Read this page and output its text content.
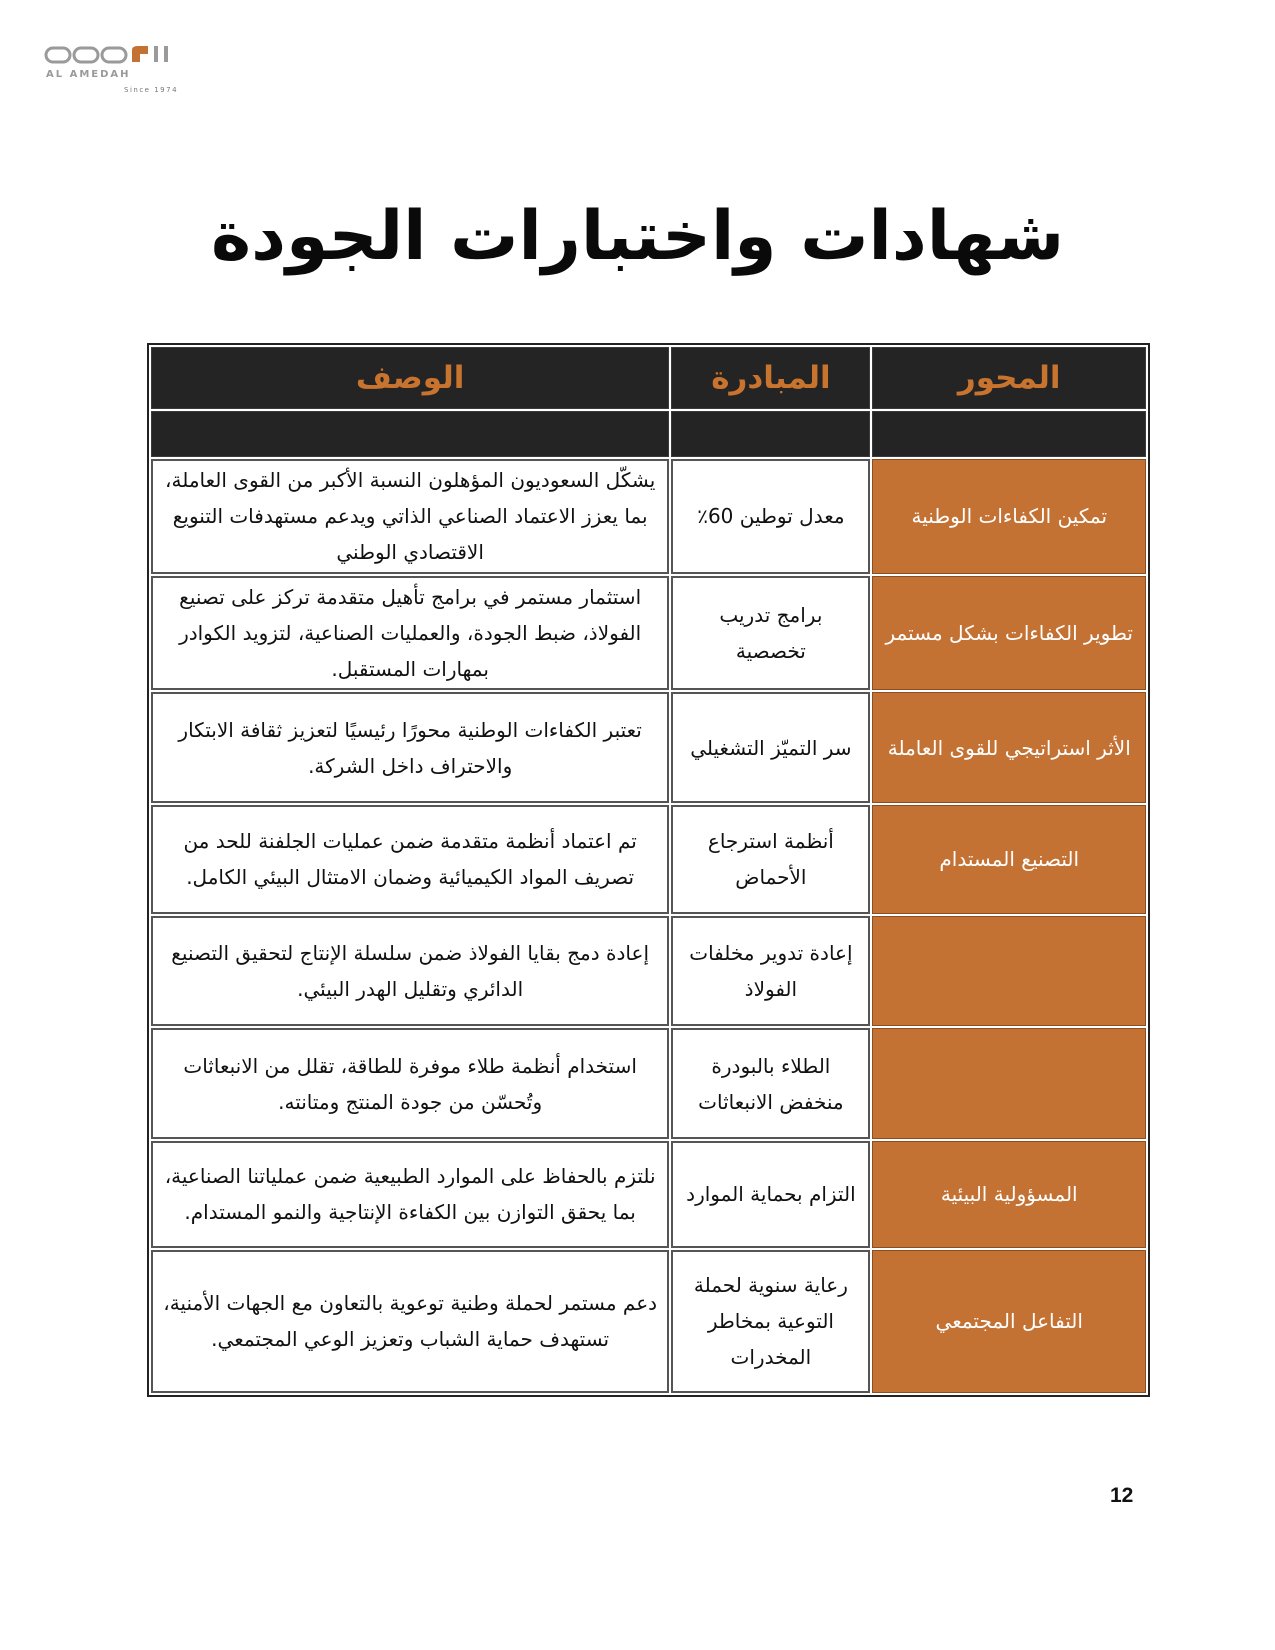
AL AMEDAH
Since 1974
شهادات واختبارات الجودة
المحور	المبادرة	الوصف

تمكين الكفاءات الوطنية	معدل توطين 60٪	يشكّل السعوديون المؤهلون النسبة الأكبر من القوى العاملة، بما يعزز الاعتماد الصناعي الذاتي ويدعم مستهدفات التنويع الاقتصادي الوطني
تطوير الكفاءات بشكل مستمر	برامج تدريب تخصصية	استثمار مستمر في برامج تأهيل متقدمة تركز على تصنيع الفولاذ، ضبط الجودة، والعمليات الصناعية، لتزويد الكوادر بمهارات المستقبل.
الأثر استراتيجي للقوى العاملة	سر التميّز التشغيلي	تعتبر الكفاءات الوطنية محورًا رئيسيًا لتعزيز ثقافة الابتكار والاحتراف داخل الشركة.
التصنيع المستدام	أنظمة استرجاع الأحماض	تم اعتماد أنظمة متقدمة ضمن عمليات الجلفنة للحد من تصريف المواد الكيميائية وضمان الامتثال البيئي الكامل.
	إعادة تدوير مخلفات الفولاذ	إعادة دمج بقايا الفولاذ ضمن سلسلة الإنتاج لتحقيق التصنيع الدائري وتقليل الهدر البيئي.
	الطلاء بالبودرة منخفض الانبعاثات	استخدام أنظمة طلاء موفرة للطاقة، تقلل من الانبعاثات وتُحسّن من جودة المنتج ومتانته.
المسؤولية البيئية	التزام بحماية الموارد	نلتزم بالحفاظ على الموارد الطبيعية ضمن عملياتنا الصناعية، بما يحقق التوازن بين الكفاءة الإنتاجية والنمو المستدام.
التفاعل المجتمعي	رعاية سنوية لحملة التوعية بمخاطر المخدرات	دعم مستمر لحملة وطنية توعوية بالتعاون مع الجهات الأمنية، تستهدف حماية الشباب وتعزيز الوعي المجتمعي.
12
